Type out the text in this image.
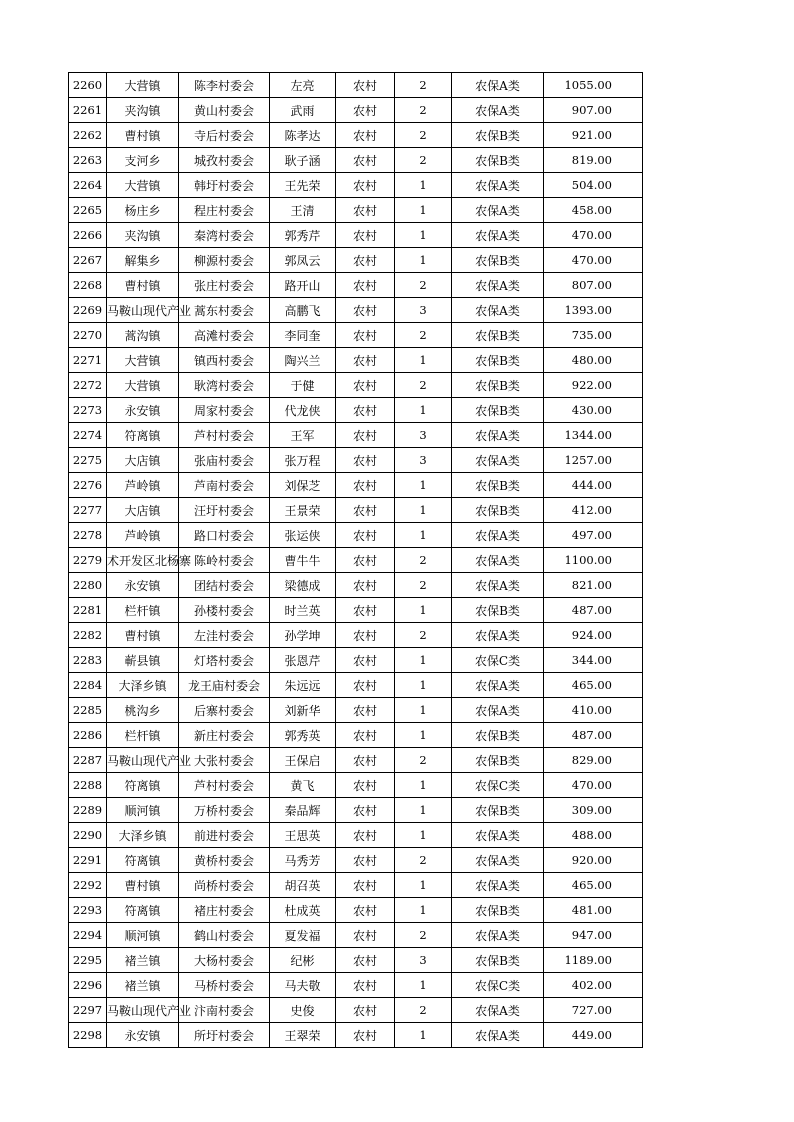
2260	大营镇	陈李村委会	左亮	农村	2	农保A类	1055.00
2261	夹沟镇	黄山村委会	武雨	农村	2	农保A类	907.00
2262	曹村镇	寺后村委会	陈孝达	农村	2	农保B类	921.00
2263	支河乡	城孜村委会	耿子涵	农村	2	农保B类	819.00
2264	大营镇	韩圩村委会	王先荣	农村	1	农保A类	504.00
2265	杨庄乡	程庄村委会	王清	农村	1	农保A类	458.00
2266	夹沟镇	秦湾村委会	郭秀芹	农村	1	农保A类	470.00
2267	解集乡	柳源村委会	郭凤云	农村	1	农保B类	470.00
2268	曹村镇	张庄村委会	路开山	农村	2	农保A类	807.00
2269	马鞍山现代产业	蒿东村委会	高鹏飞	农村	3	农保A类	1393.00
2270	蒿沟镇	高滩村委会	李同奎	农村	2	农保B类	735.00
2271	大营镇	镇西村委会	陶兴兰	农村	1	农保B类	480.00
2272	大营镇	耿湾村委会	于健	农村	2	农保B类	922.00
2273	永安镇	周家村委会	代龙侠	农村	1	农保B类	430.00
2274	符离镇	芦村村委会	王军	农村	3	农保A类	1344.00
2275	大店镇	张庙村委会	张万程	农村	3	农保A类	1257.00
2276	芦岭镇	芦南村委会	刘保芝	农村	1	农保B类	444.00
2277	大店镇	汪圩村委会	王景荣	农村	1	农保B类	412.00
2278	芦岭镇	路口村委会	张运侠	农村	1	农保A类	497.00
2279	术开发区北杨寨	陈岭村委会	曹牛牛	农村	2	农保A类	1100.00
2280	永安镇	团结村委会	梁德成	农村	2	农保A类	821.00
2281	栏杆镇	孙楼村委会	时兰英	农村	1	农保B类	487.00
2282	曹村镇	左洼村委会	孙学坤	农村	2	农保A类	924.00
2283	蕲县镇	灯塔村委会	张恩芹	农村	1	农保C类	344.00
2284	大泽乡镇	龙王庙村委会	朱远远	农村	1	农保A类	465.00
2285	桃沟乡	后寨村委会	刘新华	农村	1	农保A类	410.00
2286	栏杆镇	新庄村委会	郭秀英	农村	1	农保B类	487.00
2287	马鞍山现代产业	大张村委会	王保启	农村	2	农保B类	829.00
2288	符离镇	芦村村委会	黄飞	农村	1	农保C类	470.00
2289	顺河镇	万桥村委会	秦品辉	农村	1	农保B类	309.00
2290	大泽乡镇	前进村委会	王思英	农村	1	农保A类	488.00
2291	符离镇	黄桥村委会	马秀芳	农村	2	农保A类	920.00
2292	曹村镇	尚桥村委会	胡召英	农村	1	农保A类	465.00
2293	符离镇	褚庄村委会	杜成英	农村	1	农保B类	481.00
2294	顺河镇	鹤山村委会	夏发福	农村	2	农保A类	947.00
2295	褚兰镇	大杨村委会	纪彬	农村	3	农保B类	1189.00
2296	褚兰镇	马桥村委会	马夫敬	农村	1	农保C类	402.00
2297	马鞍山现代产业	汴南村委会	史俊	农村	2	农保A类	727.00
2298	永安镇	所圩村委会	王翠荣	农村	1	农保A类	449.00
